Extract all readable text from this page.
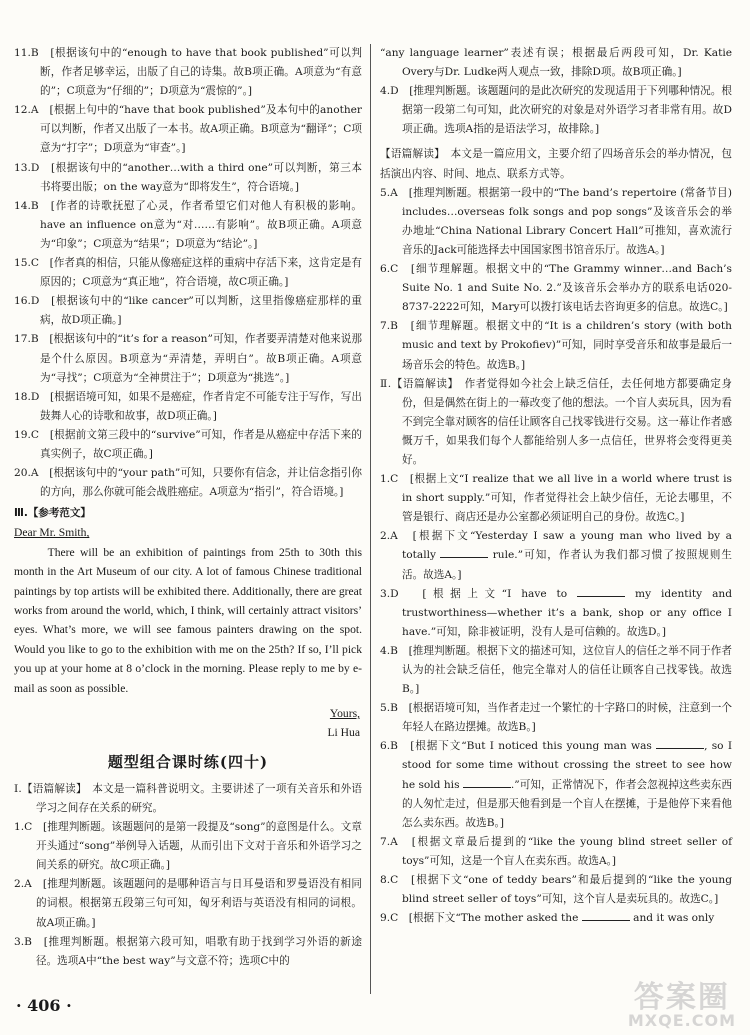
11.B　[根据该句中的“enough to have that book published”可以判断，作者足够幸运，出版了自己的诗集。故B项正确。A项意为“有意的”；C项意为“仔细的”；D项意为“震惊的”。]

12.A　[根据上句中的“have that book published”及本句中的another可以判断，作者又出版了一本书。故A项正确。B项意为“翻译”；C项意为“打字”；D项意为“审查”。]

13.D　[根据该句中的“another…with a third one”可以判断，第三本书将要出版；on the way意为“即将发生”，符合语境。]

14.B　[作者的诗歌抚慰了心灵，作者希望它们对他人有积极的影响。have an influence on意为“对……有影响”。故B项正确。A项意为“印象”；C项意为“结果”；D项意为“结论”。]

15.C　[作者真的相信，只能从像癌症这样的重病中存活下来，这肯定是有原因的；C项意为“真正地”，符合语境，故C项正确。]

16.D　[根据该句中的“like cancer”可以判断，这里指像癌症那样的重病，故D项正确。]

17.B　[根据该句中的“it’s for a reason”可知，作者要弄清楚对他来说那是个什么原因。B项意为“弄清楚，弄明白”。故B项正确。A项意为“寻找”；C项意为“全神贯注于”；D项意为“挑选”。]

18.D　[根据语境可知，如果不是癌症，作者肯定不可能专注于写作，写出鼓舞人心的诗歌和故事，故D项正确。]

19.C　[根据前文第三段中的“survive”可知，作者是从癌症中存活下来的真实例子，故C项正确。]

20.A　[根据该句中的“your path”可知，只要你有信念，并让信念指引你的方向，那么你就可能会战胜癌症。A项意为“指引”，符合语境。]

Ⅲ.【参考范文】

Dear Mr. Smith,

There will be an exhibition of paintings from 25th to 30th this month in the Art Museum of our city. A lot of famous Chinese traditional paintings by top artists will be exhibited there. Additionally, there are great works from around the world, which, I think, will certainly attract visitors’ eyes. What’s more, we will see famous painters drawing on the spot. Would you like to go to the exhibition with me on the 25th? If so, I’ll pick you up at your home at 8 o’clock in the morning. Please reply to me by e-mail as soon as possible.

Yours,

Li Hua

题型组合课时练(四十)

Ⅰ.【语篇解读】　本文是一篇科普说明文。主要讲述了一项有关音乐和外语学习之间存在关系的研究。

1.C　[推理判断题。该题题问的是第一段提及“song”的意图是什么。文章开头通过“song”举例导入话题，从而引出下文对于音乐和外语学习之间关系的研究。故C项正确。]

2.A　[推理判断题。该题题问的是哪种语言与日耳曼语和罗曼语没有相同的词根。根据第五段第三句可知，匈牙利语与英语没有相同的词根。故A项正确。]

3.B　[推理判断题。根据第六段可知，唱歌有助于找到学习外语的新途径。选项A中“the best way”与文意不符；选项C中的

“any language learner”表述有误；根据最后两段可知，Dr. Katie Overy与Dr. Ludke两人观点一致，排除D项。故B项正确。]

4.D　[推理判断题。该题题问的是此次研究的发现适用于下列哪种情况。根据第一段第二句可知，此次研究的对象是对外语学习者非常有用。故D项正确。选项A指的是语法学习，故排除。]

【语篇解读】　本文是一篇应用文，主要介绍了四场音乐会的举办情况，包括演出内容、时间、地点、联系方式等。

5.A　[推理判断题。根据第一段中的“The band’s repertoire (常备节目) includes…overseas folk songs and pop songs”及该音乐会的举办地址“China National Library Concert Hall”可推知，喜欢流行音乐的Jack可能选择去中国国家图书馆音乐厅。故选A。]

6.C　[细节理解题。根据文中的“The Grammy winner…and Bach’s Suite No. 1 and Suite No. 2.”及该音乐会举办方的联系电话020-8737-2222可知，Mary可以拨打该电话去咨询更多的信息。故选C。]

7.B　[细节理解题。根据文中的“It is a children’s story (with both music and text by Prokofiev)”可知，同时享受音乐和故事是最后一场音乐会的特色。故选B。]

Ⅱ.【语篇解读】　作者觉得如今社会上缺乏信任，去任何地方都要确定身份，但是偶然在街上的一幕改变了他的想法。一个盲人卖玩具，因为看不到完全靠对顾客的信任让顾客自己找零钱进行交易。这一幕让作者感慨万千，如果我们每个人都能给别人多一点信任，世界将会变得更美好。

1.C　[根据上文“I realize that we all live in a world where trust is in short supply.”可知，作者觉得社会上缺少信任，无论去哪里，不管是银行、商店还是办公室都必须证明自己的身份。故选C。]

2.A　[根据下文“Yesterday I saw a young man who lived by a totally	rule.”可知，作者认为我们都习惯了按照规则生活。故选A。]

3.D　[根据上文“I have to	my identity and trustworthiness—whether it’s a bank, shop or any office I have.”可知，除非被证明，没有人是可信赖的。故选D。]

4.B　[推理判断题。根据下文的描述可知，这位盲人的信任之举不同于作者认为的社会缺乏信任，他完全靠对人的信任让顾客自己找零钱。故选B。]

5.B　[根据语境可知，当作者走过一个繁忙的十字路口的时候，注意到一个年轻人在路边摆摊。故选B。]

6.B　[根据下文“But I noticed this young man was	, so I stood for some time without crossing the street to see how he sold his	.”可知，正常情况下，作者会忽视掉这些卖东西的人匆忙走过，但是那天他看到是一个盲人在摆摊，于是他停下来看他怎么卖东西。故选B。]

7.A　[根据文章最后提到的“like the young blind street seller of toys”可知，这是一个盲人在卖东西。故选A。]

8.C　[根据下文“one of teddy bears”和最后提到的“like the young blind street seller of toys”可知，这个盲人是卖玩具的。故选C。]

9.C　[根据下文“The mother asked the	and it was only

· 406 ·	答案圈
MXQE.COM
